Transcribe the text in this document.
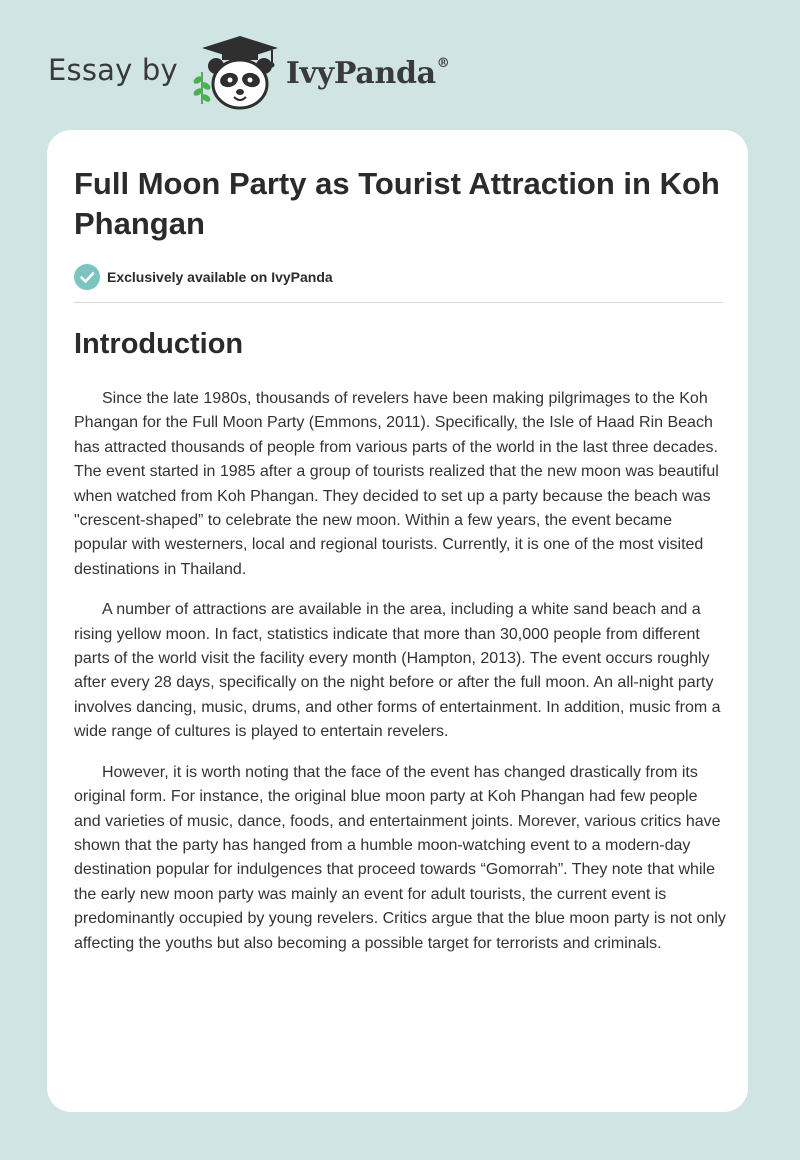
Essay by	IvyPanda®
Full Moon Party as Tourist Attraction in Koh Phangan
Exclusively available on IvyPanda
Introduction

Since the late 1980s, thousands of revelers have been making pilgrimages to the Koh Phangan for the Full Moon Party (Emmons, 2011). Specifically, the Isle of Haad Rin Beach has attracted thousands of people from various parts of the world in the last three decades. The event started in 1985 after a group of tourists realized that the new moon was beautiful when watched from Koh Phangan. They decided to set up a party because the beach was "crescent-shaped” to celebrate the new moon. Within a few years, the event became popular with westerners, local and regional tourists. Currently, it is one of the most visited destinations in Thailand.

A number of attractions are available in the area, including a white sand beach and a rising yellow moon. In fact, statistics indicate that more than 30,000 people from different parts of the world visit the facility every month (Hampton, 2013). The event occurs roughly after every 28 days, specifically on the night before or after the full moon. An all-night party involves dancing, music, drums, and other forms of entertainment. In addition, music from a wide range of cultures is played to entertain revelers.

However, it is worth noting that the face of the event has changed drastically from its original form. For instance, the original blue moon party at Koh Phangan had few people and varieties of music, dance, foods, and entertainment joints. Morever, various critics have shown that the party has hanged from a humble moon-watching event to a modern-day destination popular for indulgences that proceed towards “Gomorrah”. They note that while the early new moon party was mainly an event for adult tourists, the current event is predominantly occupied by young revelers. Critics argue that the blue moon party is not only affecting the youths but also becoming a possible target for terrorists and criminals.
